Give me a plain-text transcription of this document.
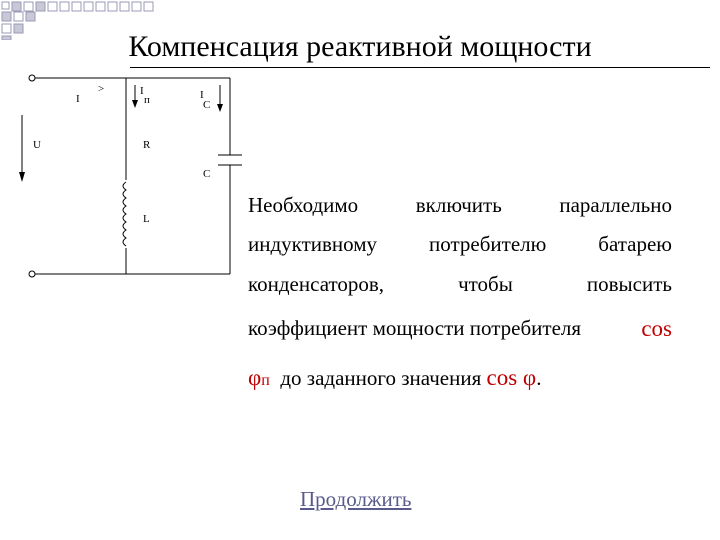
Компенсация реактивной мощности
I
>	I
п	I
C
U	R
C
L
Необходимо	включить	параллельно
индуктивному потребителю батарею
конденсаторов,	чтобы	повысить
коэффициент мощности потребителя	cos
φп до заданного значения cos φ.
Продолжить
